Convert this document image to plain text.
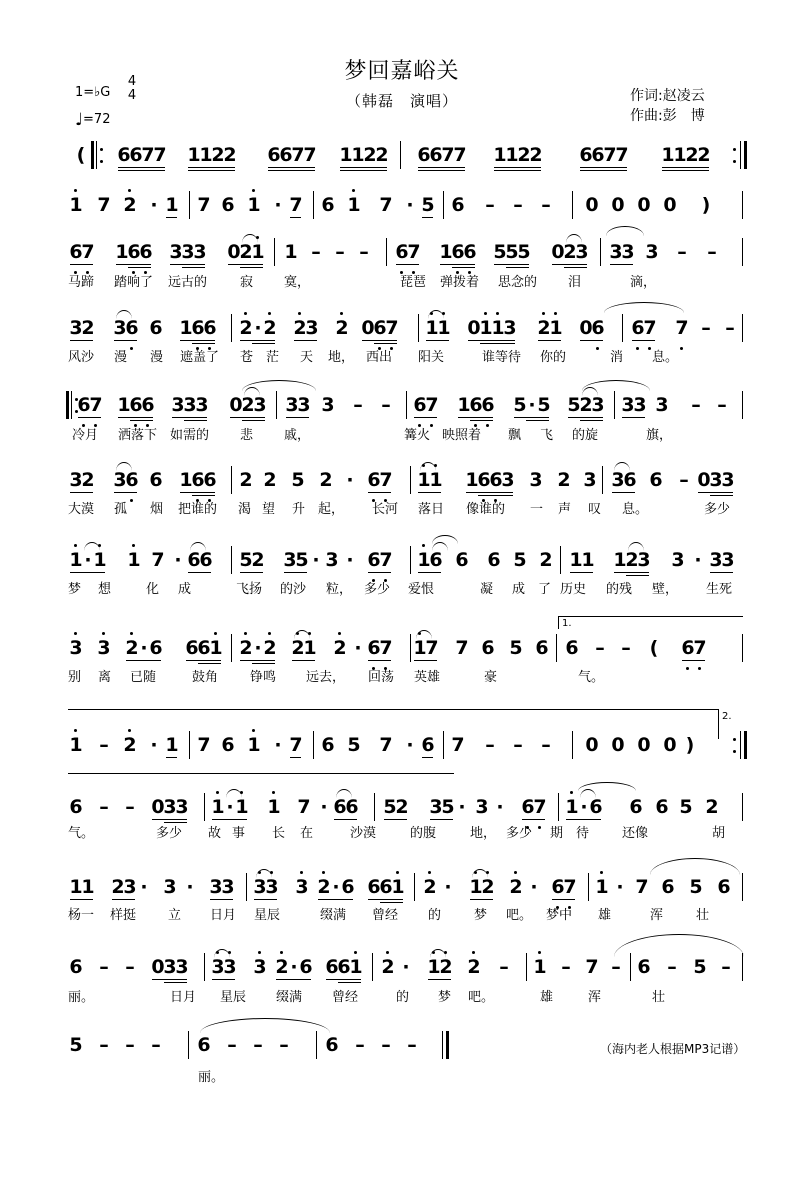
梦回嘉峪关
（韩磊　演唱）	作词:赵凌云
作曲:彭　博
1=♭G
4
4
♩=72
( 6
6
7
7 1
1
2
2 6
6
7
7 1
1
2
2 6
6
7
7 1
1
2
2 6
6
7
7 1
1
2
2
1 7 2 · 1 7 6 1 · 7 6 1 7 · 5 6 – – – 0 0 0 0 )
6
7 1
6
6 3
3
3 0
2
1 1 – – – 6
7 1
6
6 5
5
5 0
2
3 3
3 3 – –
马蹄 踏响了 远古的	寂 寞，	琵琶 弹拨着 思念的 泪	滴，
3
2 3
6 6 1
6
6 2 · 2 2
3 2 0
6
7 1
1 0
1
1
3 2
1 0
6 6
7 7 – –
风沙 漫 漫 遮盖了 苍 茫 天 地， 西出 阳关	谁等待 你的	消 息。
6
7 1
6
6 3
3
3 0
2
3 3
3 3 – – 6
7 1
6
6 5 · 5 5
2
3 3
3 3 – –
冷月 洒落下 如需的 悲 戚，	篝火 映照着 飘 飞 的旋	旗，
3
2 3
6 6 1
6
6 2 2 5 2 · 6
7 1
1 1
6
6
3 3 2 3 3
6 6 – 0
3
3
大漠 孤 烟 把谁的 渴 望 升 起， 长河 落日 像谁的 一 声 叹 息。	多少
1 · 1 1 7 · 6
6 5
2 3
5 · 3 · 6
7 1
6 6 6 5 2 1
1 1
2
3 3 · 3
3
梦 想	化 成	飞扬 的沙 粒， 多少 爱恨	凝 成 了 历史 的残 壁， 生死
3 3 2 · 6 6
6
1 2 · 2 2
1 2 · 6
7 1
7 7 6 5 6 6 – – ( 6
7
别 离 已随	鼓角 铮鸣 远去， 回荡 英雄	豪	气。
1.
1 – 2 · 1 7 6 1 · 7 6 5 7 · 6 7 – – – 0 0 0 0 )
2.
6 – – 0
3
3 1 · 1 1 7 · 6
6 5
2 3
5 · 3 · 6
7 1 · 6 6 6 5 2
气。	多少 故 事 长 在	沙漠	的腹	地， 多少 期 待	还像	胡
1
1 2
3 · 3 · 3
3 3
3 3 2 · 6 6
6
1 2 · 1
2 2 · 6
7 1 · 7 6 5 6
杨一 样挺 立 日月 星辰	缀满 曾经 的	梦 吧。 梦中 雄	浑	壮
6 – – 0
3
3 3
3 3 2 · 6 6
6
1 2 · 1
2 2 – 1 – 7 – 6 – 5 –
丽。	日月 星辰 缀满 曾经	的 梦 吧。	雄	浑	壮
5 – – – 6 – – – 6 – – –
丽。
（海内老人根据MP3记谱）
